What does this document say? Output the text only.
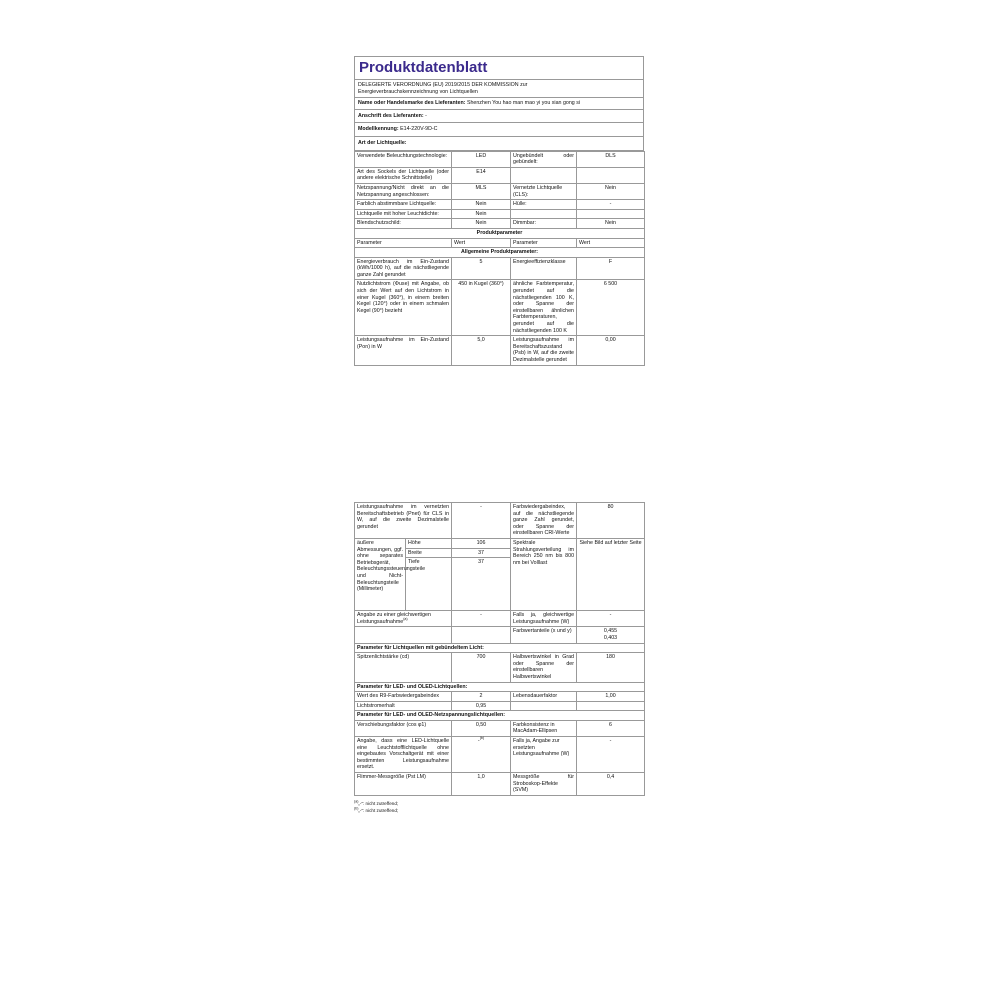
Produktdatenblatt
DELEGIERTE VERORDNUNG (EU) 2019/2015 DER KOMMISSION zur
Energieverbrauchskennzeichnung von Lichtquellen
Name oder Handelsmarke des Lieferanten: Shenzhen You hao man mao yi you xian gong si
Anschrift des Lieferanten: -
Modellkennung: E14-220V-9D-C
Art der Lichtquelle:
Verwendete Beleuchtungstechnologie:	LED	Ungebündelt oder gebündelt:	DLS
Art des Sockels der Lichtquelle (oder andere elektrische Schnittstelle)	E14		
Netzspannung/Nicht direkt an die Netzspannung angeschlossen:	MLS	Vernetzte Lichtquelle (CLS):	Nein
Farblich abstimmbare Lichtquelle:	Nein	Hülle:	-
Lichtquelle mit hoher Leuchtdichte:	Nein		
Blendschutzschild:	Nein	Dimmbar:	Nein
Produktparameter			
Parameter	Wert	Parameter	Wert
Allgemeine Produktparameter:			
Energieverbrauch im Ein-Zustand (kWh/1000 h), auf die nächstliegende ganze Zahl gerundet	5	Energieeffizienzklasse	F
Nutzlichtstrom (Φuse) mit Angabe, ob sich der Wert auf den Lichtstrom in einer Kugel (360°), in einem breiten Kegel (120°) oder in einem schmalen Kegel (90°) bezieht	450 in Kugel (360°)	ähnliche Farbtemperatur, gerundet auf die nächstliegenden 100 K, oder Spanne der einstellbaren ähnlichen Farbtemperaturen, gerundet auf die nächstliegenden 100 K	6 500
Leistungsaufnahme im Ein-Zustand (Pon) in W	5,0	Leistungsaufnahme im Bereitschaftszustand (Psb) in W, auf die zweite Dezimalstelle gerundet	0,00
Leistungsaufnahme im vernetzten Bereitschaftsbetrieb (Pnet) für CLS in W, auf die zweite Dezimalstelle gerundet		-	Farbwiedergabeindex, auf die nächstliegende ganze Zahl gerundet, oder Spanne der einstellbaren CRI-Werte	80
äußere Abmessungen, ggf. ohne separates Betriebsgerät, Beleuchtungssteuerungsteile und Nicht-Beleuchtungsteile (Millimeter)	Höhe	106	Spektrale Strahlungsverteilung im Bereich 250 nm bis 800 nm bei Volllast	Siehe Bild auf letzter Seite
	Breite	37		
	Tiefe	37		
Angabe zu einer gleichwertigen Leistungsaufnahme$^{(a)}$		-	Falls ja, gleichwertige Leistungsaufnahme (W)	-
			Farbwertanteile (x und y)	0,455
0,403
Parameter für Lichtquellen mit gebündeltem Licht:				
Spitzenlichtstärke (cd)		700	Halbwertswinkel in Grad oder Spanne der einstellbaren Halbwertswinkel	180
Parameter für LED- und OLED-Lichtquellen:				
Wert des R9-Farbwiedergabeindex		2	Lebensdauerfaktor	1,00
Lichtstromerhalt		0,95		
Parameter für LED- und OLED-Netzspannungslichtquellen:				
Verschiebungsfaktor (cos φ1)		0,50	Farbkonsistenz in MacAdam-Ellipsen	6
Angabe, dass eine LED-Lichtquelle eine Leuchtstofflichtquelle ohne eingebautes Vorschaltgerät mit einer bestimmten Leistungsaufnahme ersetzt.		-$^{(b)}$	Falls ja, Angabe zur ersetzten Leistungsaufnahme (W)	-
Flimmer-Messgröße (Pst LM)		1,0	Messgröße für Stroboskop-Effekte (SVM)	0,4
$^{(a)}$„-“: nicht zutreffend;
$^{(b)}$„-“: nicht zutreffend;
